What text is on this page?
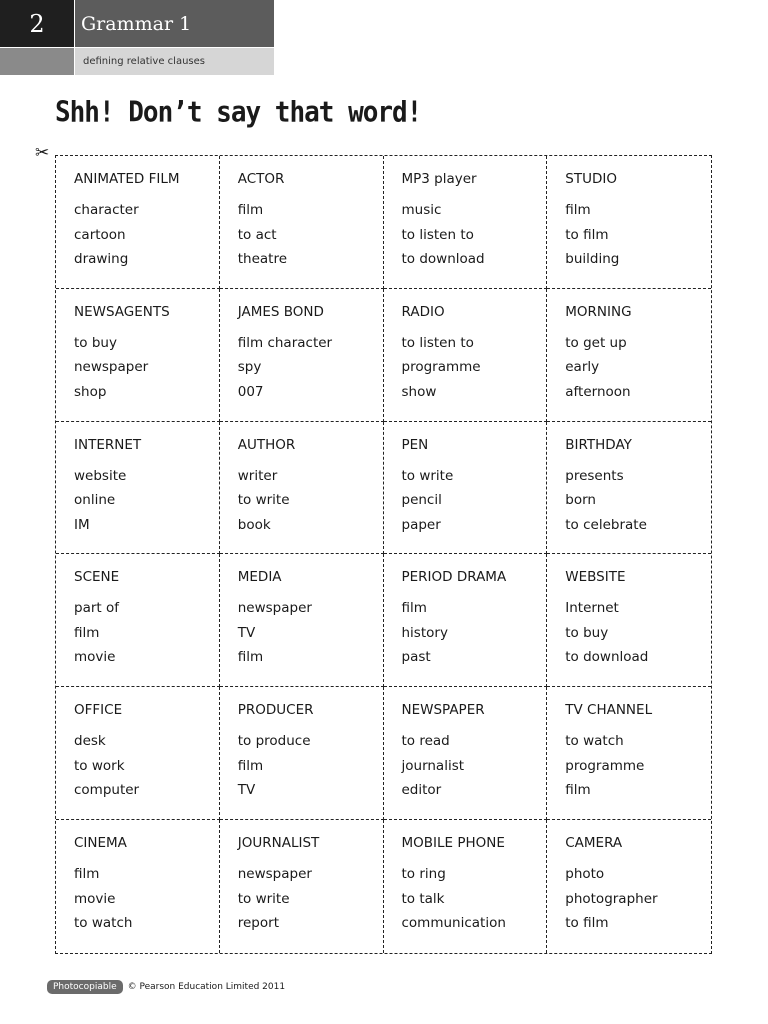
2	Grammar 1
defining relative clauses
Shh! Don’t say that word!
✂
ANIMATED FILM
character
cartoon
drawing
ACTOR
film
to act
theatre
MP3 player
music
to listen to
to download
STUDIO
film
to film
building
NEWSAGENTS
to buy
newspaper
shop
JAMES BOND
film character
spy
007
RADIO
to listen to
programme
show
MORNING
to get up
early
afternoon
INTERNET
website
online
IM
AUTHOR
writer
to write
book
PEN
to write
pencil
paper
BIRTHDAY
presents
born
to celebrate
SCENE
part of
film
movie
MEDIA
newspaper
TV
film
PERIOD DRAMA
film
history
past
WEBSITE
Internet
to buy
to download
OFFICE
desk
to work
computer
PRODUCER
to produce
film
TV
NEWSPAPER
to read
journalist
editor
TV CHANNEL
to watch
programme
film
CINEMA
film
movie
to watch
JOURNALIST
newspaper
to write
report
MOBILE PHONE
to ring
to talk
communication
CAMERA
photo
photographer
to film
Photocopiable	© Pearson Education Limited 2011
